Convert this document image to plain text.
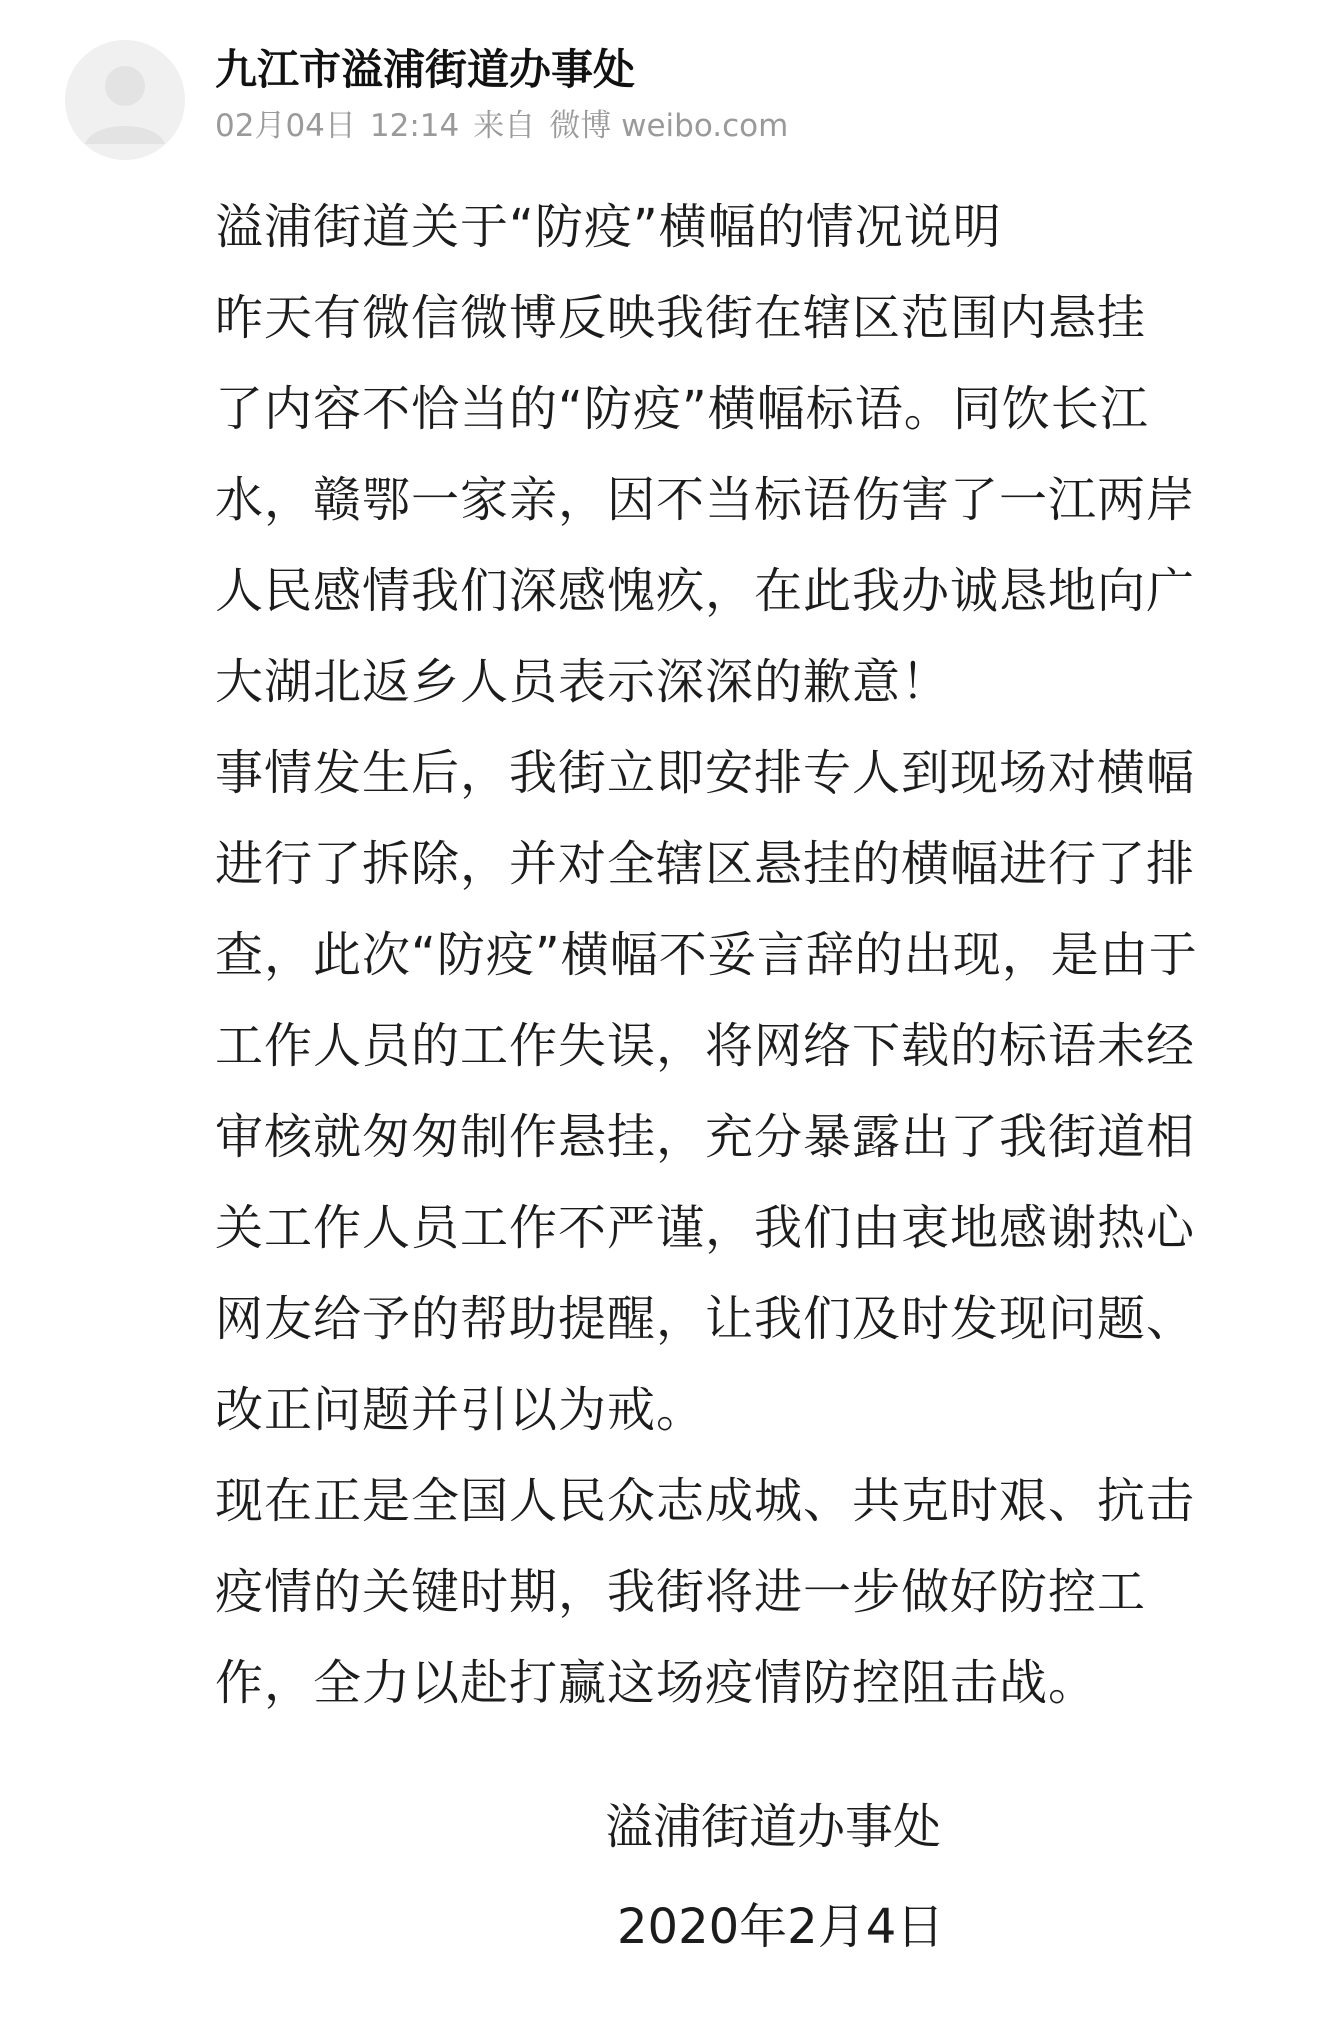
九江市溢浦街道办事处
02月04日 12:14 来自 微博 weibo.com
溢浦街道关于“防疫”横幅的情况说明
昨天有微信微博反映我街在辖区范围内悬挂
了内容不恰当的“防疫”横幅标语。同饮长江
水，赣鄂一家亲，因不当标语伤害了一江两岸
人民感情我们深感愧疚，在此我办诚恳地向广
大湖北返乡人员表示深深的歉意！
事情发生后，我街立即安排专人到现场对横幅
进行了拆除，并对全辖区悬挂的横幅进行了排
查，此次“防疫”横幅不妥言辞的出现，是由于
工作人员的工作失误，将网络下载的标语未经
审核就匆匆制作悬挂，充分暴露出了我街道相
关工作人员工作不严谨，我们由衷地感谢热心
网友给予的帮助提醒，让我们及时发现问题、
改正问题并引以为戒。
现在正是全国人民众志成城、共克时艰、抗击
疫情的关键时期，我街将进一步做好防控工
作，全力以赴打赢这场疫情防控阻击战。
溢浦街道办事处
2020年2月4日
